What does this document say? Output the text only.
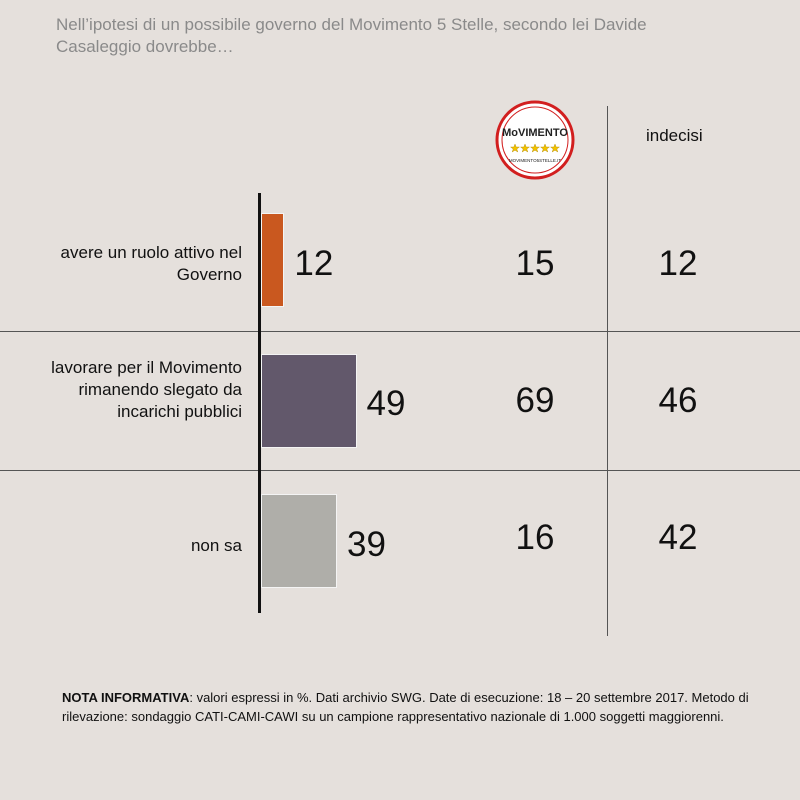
Nell’ipotesi di un possibile governo del Movimento 5 Stelle, secondo lei Davide Casaleggio dovrebbe…
MoVIMENTO
MOVIMENTO5STELLE.IT
indecisi
avere un ruolo attivo nel Governo
lavorare per il Movimento rimanendo slegato da incarichi pubblici
non sa
12
49
39
15
69
16
12
46
42
NOTA INFORMATIVA: valori espressi in %. Dati archivio SWG. Date di esecuzione: 18 – 20 settembre 2017. Metodo di rilevazione: sondaggio CATI-CAMI-CAWI su un campione rappresentativo nazionale di 1.000 soggetti maggiorenni.
